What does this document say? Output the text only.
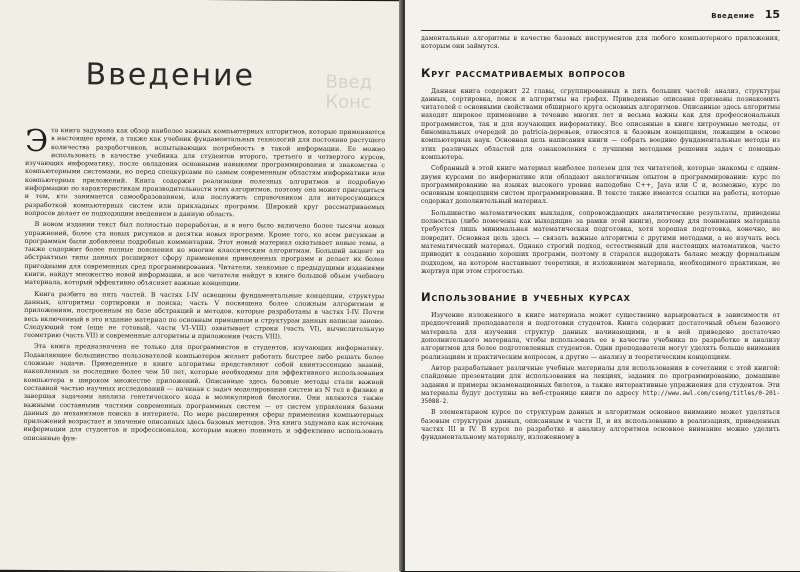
Введение	Введ
Конс

Эта книга задумана как обзор наиболее важных компьютерных алгоритмов, которые применяются в настоящее время, а также как учебник фундаментальных технологий для постоянно растущего количества разработчиков, испытывающих потребность в такой информации. Ее можно использовать в качестве учебника для студентов второго, третьего и четвертого курсов, изучающих информатику, после овладения основными навыками программирования и знакомства с компьютерными системами, но перед спецкурсами по самым современным областям информатики или компьютерных приложений. Книга содержит реализации полезных алгоритмов и подробную информацию по характеристикам производительности этих алгоритмов, поэтому она может пригодиться и тем, кто занимается самообразованием, или послужить справочником для интересующихся разработкой компьютерных систем или прикладных программ. Широкий круг рассматриваемых вопросов делает ее подходящим введением в данную область.

В новом издании текст был полностью переработан, и в него было включено более тысячи новых упражнений, более ста новых рисунков и десятки новых программ. Кроме того, ко всем рисункам и программам были добавлены подробные комментарии. Этот новый материал охватывает новые темы, а также содержит более полные пояснения ко многим классическим алгоритмам. Больший акцент на абстрактные типы данных расширяет сферу применения приведенных программ и делает их более пригодными для современных сред программирования. Читатели, знакомые с предыдущими изданиями книги, найдут множество новой информации, и все читатели найдут в книге большой объем учебного материала, который эффективно объясняет важные концепции.

Книга разбита на пять частей. В частях I-IV освещены фундаментальные концепции, структуры данных, алгоритмы сортировки и поиска; часть V посвящена более сложным алгоритмам и приложениям, построенным на базе абстракций и методов, которые разработаны в частях I-IV. Почти весь включенный в это издание материал по основным принципам и структурам данных написан заново. Следующий том (еще не готовый, части VI–VIII) охватывает строки (часть VI), вычислительную геометрию (часть VII) и современные алгоритмы и приложения (часть VIII).

Эта книга предназначена не только для программистов и студентов, изучающих информатику. Подавляющее большинство пользователей компьютеров желает работать быстрее либо решать более сложные задачи. Приведенные в книге алгоритмы представляют собой квинтэссенцию знаний, накопленных за последние более чем 50 лет, которые необходимы для эффективного использования компьютера в широком множестве приложений. Описанные здесь базовые методы стали важной составной частью научных исследований — начиная с задач моделирования систем из N тел в физике и завершая задачами анализа генетического кода в молекулярной биологии. Они являются также важными составными частями современных программных систем — от систем управления базами данных до механизмов поиска в интернете. По мере расширения сферы применения компьютерных приложений возрастает и значение описанных здесь базовых методов. Эта книга задумана как источник информации для студентов и профессионалов, которым важно понимать и эффективно использовать описанные фун-

Введение 15

даментальные алгоритмы в качестве базовых инструментов для любого компьютерного приложения, которым они займутся.

Круг рассматриваемых вопросов

Данная книга содержит 22 главы, сгруппированных в пять больших частей: анализ, структуры данных, сортировка, поиск и алгоритмы на графах. Приведенные описания призваны познакомить читателей с основными свойствами обширного круга основных алгоритмов. Описанные здесь алгоритмы находят широкое применение в течение многих лет и весьма важны как для профессиональных программистов, так и для изучающих информатику. Все описанные в книге хитроумные методы, от биномиальных очередей до patricia-деревьев, относятся к базовым концепциям, лежащим в основе компьютерных наук. Основная цель написания книги — собрать воедино фундаментальные методы из этих различных областей для ознакомления с лучшими методами решения задач с помощью компьютера.

Собранный в этой книге материал наиболее полезен для тех читателей, которые знакомы с одним-двумя курсами по информатике или обладают аналогичным опытом в программировании: курс по программированию на языках высокого уровня наподобие C++, Java или C и, возможно, курс по основным концепциям систем программирования. В тексте также имеются ссылки на работы, которые содержат дополнительный материал.

Большинство математических выкладок, сопровождающих аналитические результаты, приведены полностью (либо помечены как выходящие за рамки этой книги), поэтому для понимания материала требуется лишь минимальная математическая подготовка, хотя хорошая подготовка, конечно, не повредит. Основная цель здесь — связать важные алгоритмы с другими методами, а не изучать весь математический материал. Однако строгий подход, естественный для настоящих математиков, часто приводит к созданию хороших программ, поэтому я старался выдержать баланс между формальным подходом, на котором настаивают теоретики, и изложением материала, необходимого практикам, не жертвуя при этом строгостью.

Использование в учебных курсах

Изучение изложенного в книге материала может существенно варьироваться в зависимости от предпочтений преподавателя и подготовки студентов. Книга содержит достаточный объем базового материала для изучения структур данных начинающими, и в ней приведено достаточно дополнительного материала, чтобы использовать ее в качестве учебника по разработке и анализу алгоритмов для более подготовленных студентов. Одни преподаватели могут уделять больше внимания реализациям и практическим вопросам, а другие — анализу и теоретическим концепциям.

Автор разрабатывает различные учебные материалы для использования в сочетании с этой книгой: слайдовые презентации для использования на лекциях, задания по программированию, домашние задания и примеры экзаменационных билетов, а также интерактивные упражнения для студентов. Эти материалы будут доступны на веб-странице книги по адресу http://www.awl.com/cseng/titles/0-201-35088-2.

В элементарном курсе по структурам данных и алгоритмам основное внимание может уделяться базовым структурам данных, описанным в части II, и их использованию в реализациях, приведенных частях III и IV. В курсе по разработке и анализу алгоритмов основное внимание можно уделить фундаментальному материалу, изложенному в
